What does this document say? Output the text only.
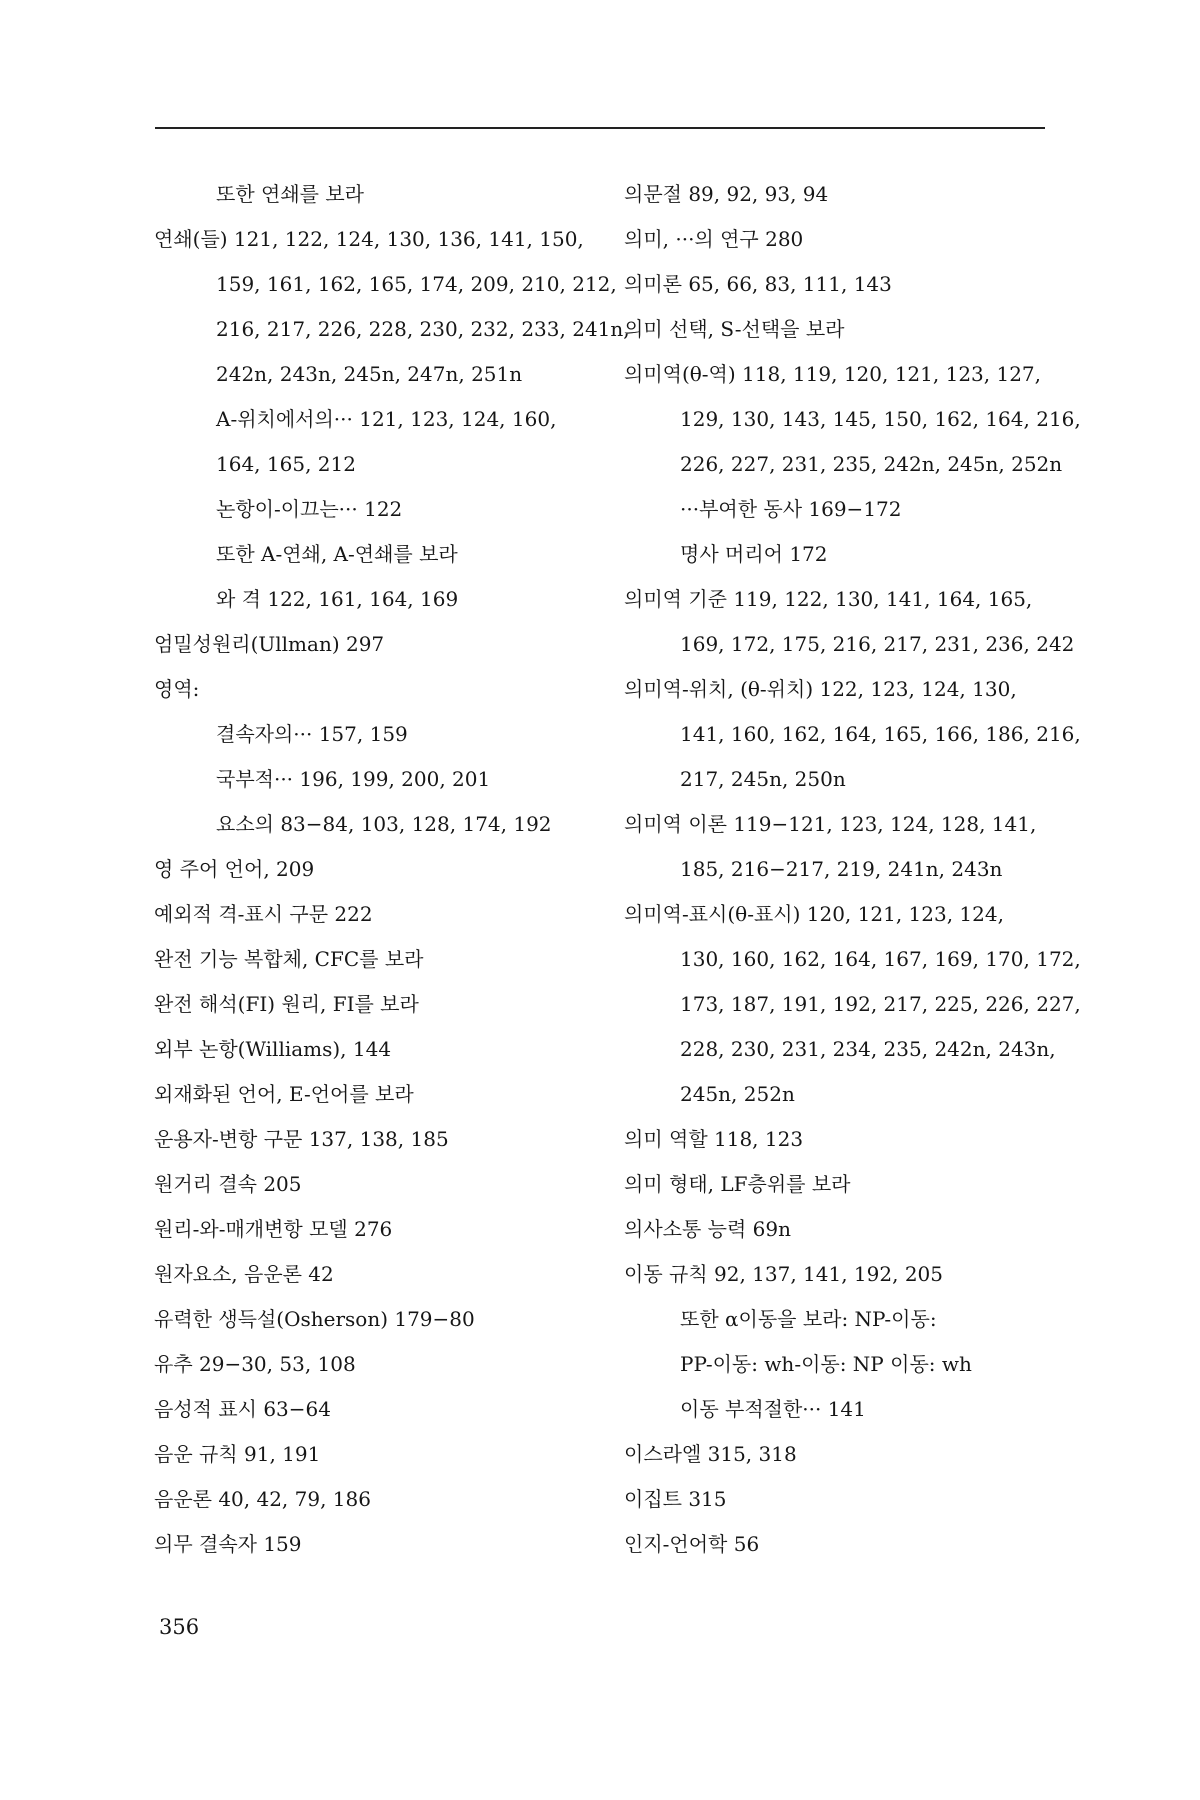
또한 연쇄를 보라
연쇄(들) 121, 122, 124, 130, 136, 141, 150,
159, 161, 162, 165, 174, 209, 210, 212,
216, 217, 226, 228, 230, 232, 233, 241n,
242n, 243n, 245n, 247n, 251n
A-위치에서의··· 121, 123, 124, 160,
164, 165, 212
논항이-이끄는··· 122
또한 A-연쇄, A-연쇄를 보라
와 격 122, 161, 164, 169
엄밀성원리(Ullman) 297
영역:
결속자의··· 157, 159
국부적··· 196, 199, 200, 201
요소의 83−84, 103, 128, 174, 192
영 주어 언어, 209
예외적 격-표시 구문 222
완전 기능 복합체, CFC를 보라
완전 해석(FI) 원리, FI를 보라
외부 논항(Williams), 144
외재화된 언어, E-언어를 보라
운용자-변항 구문 137, 138, 185
원거리 결속 205
원리-와-매개변항 모델 276
원자요소, 음운론 42
유력한 생득설(Osherson) 179−80
유추 29−30, 53, 108
음성적 표시 63−64
음운 규칙 91, 191
음운론 40, 42, 79, 186
의무 결속자 159
의문절 89, 92, 93, 94
의미, ···의 연구 280
의미론 65, 66, 83, 111, 143
의미 선택, S-선택을 보라
의미역(θ-역) 118, 119, 120, 121, 123, 127,
129, 130, 143, 145, 150, 162, 164, 216,
226, 227, 231, 235, 242n, 245n, 252n
···부여한 동사 169−172
명사 머리어 172
의미역 기준 119, 122, 130, 141, 164, 165,
169, 172, 175, 216, 217, 231, 236, 242
의미역-위치, (θ-위치) 122, 123, 124, 130,
141, 160, 162, 164, 165, 166, 186, 216,
217, 245n, 250n
의미역 이론 119−121, 123, 124, 128, 141,
185, 216−217, 219, 241n, 243n
의미역-표시(θ-표시) 120, 121, 123, 124,
130, 160, 162, 164, 167, 169, 170, 172,
173, 187, 191, 192, 217, 225, 226, 227,
228, 230, 231, 234, 235, 242n, 243n,
245n, 252n
의미 역할 118, 123
의미 형태, LF층위를 보라
의사소통 능력 69n
이동 규칙 92, 137, 141, 192, 205
또한 α이동을 보라: NP-이동:
PP-이동: wh-이동: NP 이동: wh
이동 부적절한··· 141
이스라엘 315, 318
이집트 315
인지-언어학 56
356
